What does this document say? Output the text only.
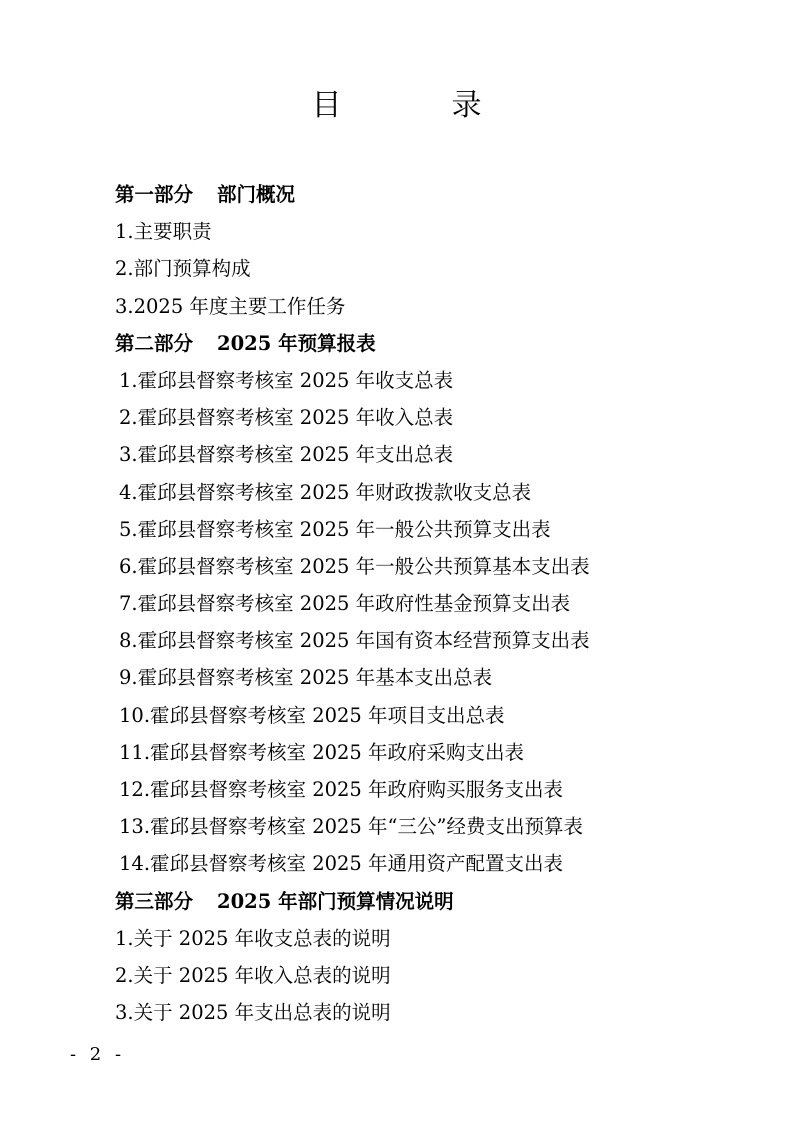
目　录
第一部分 部门概况
1.主要职责
2.部门预算构成
3.2025 年度主要工作任务
第二部分 2025 年预算报表
1.霍邱县督察考核室 2025 年收支总表
2.霍邱县督察考核室 2025 年收入总表
3.霍邱县督察考核室 2025 年支出总表
4.霍邱县督察考核室 2025 年财政拨款收支总表
5.霍邱县督察考核室 2025 年一般公共预算支出表
6.霍邱县督察考核室 2025 年一般公共预算基本支出表
7.霍邱县督察考核室 2025 年政府性基金预算支出表
8.霍邱县督察考核室 2025 年国有资本经营预算支出表
9.霍邱县督察考核室 2025 年基本支出总表
10.霍邱县督察考核室 2025 年项目支出总表
11.霍邱县督察考核室 2025 年政府采购支出表
12.霍邱县督察考核室 2025 年政府购买服务支出表
13.霍邱县督察考核室 2025 年“三公”经费支出预算表
14.霍邱县督察考核室 2025 年通用资产配置支出表
第三部分 2025 年部门预算情况说明
1.关于 2025 年收支总表的说明
2.关于 2025 年收入总表的说明
3.关于 2025 年支出总表的说明
- 2 -
